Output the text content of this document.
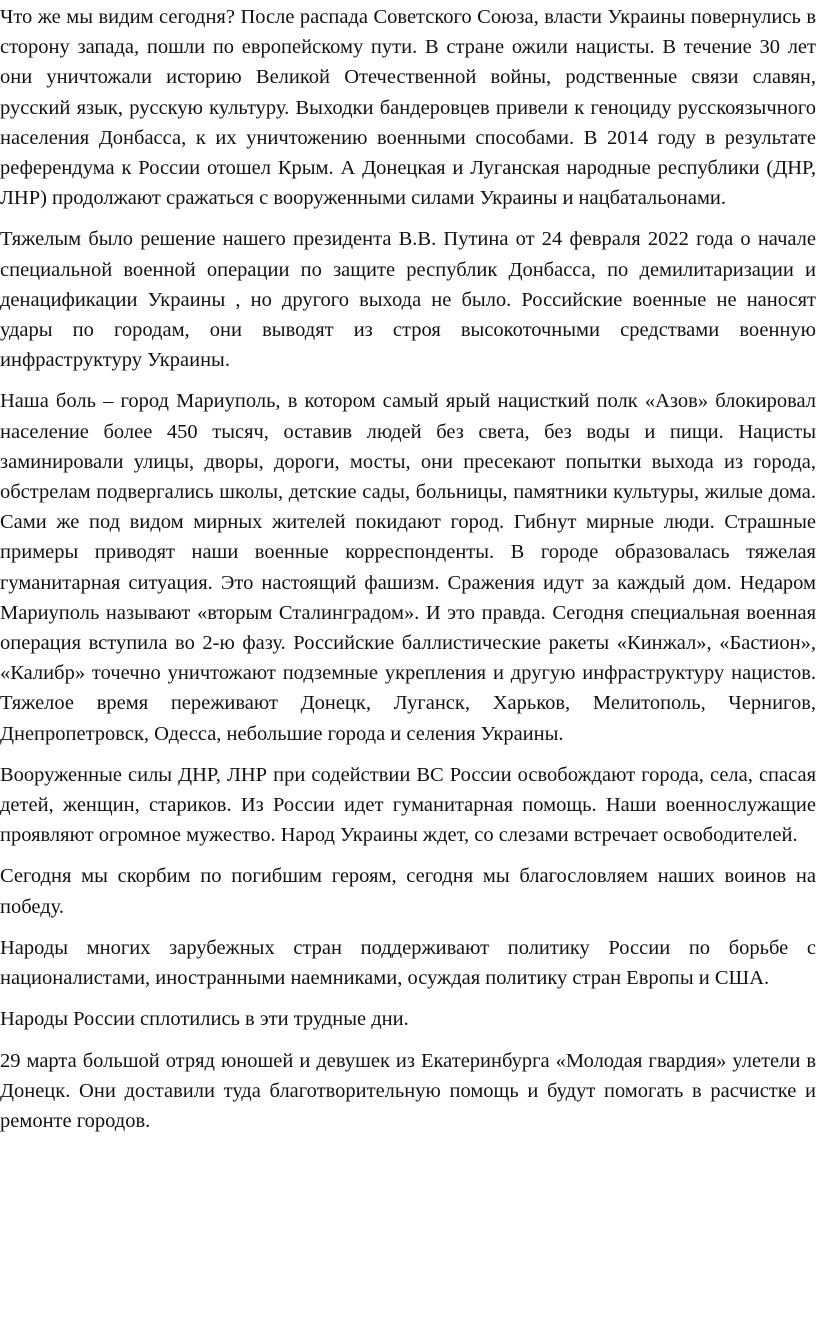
Что же мы видим сегодня? После распада Советского Союза, власти Украины повернулись в сторону запада, пошли по европейскому пути. В стране ожили нацисты. В течение 30 лет они уничтожали историю Великой Отечественной войны, родственные связи славян, русский язык, русскую культуру. Выходки бандеровцев привели к геноциду русскоязычного населения Донбасса, к их уничтожению военными способами. В 2014 году в результате референдума к России отошел Крым. А Донецкая и Луганская народные республики (ДНР, ЛНР) продолжают сражаться с вооруженными силами Украины и нацбатальонами.

Тяжелым было решение нашего президента В.В. Путина от 24 февраля 2022 года о начале специальной военной операции по защите республик Донбасса, по демилитаризации и денацификации Украины , но другого выхода не было. Российские военные не наносят удары по городам, они выводят из строя высокоточными средствами военную инфраструктуру Украины.

Наша боль – город Мариуполь, в котором самый ярый нацисткий полк «Азов» блокировал население более 450 тысяч, оставив людей без света, без воды и пищи. Нацисты заминировали улицы, дворы, дороги, мосты, они пресекают попытки выхода из города, обстрелам подвергались школы, детские сады, больницы, памятники культуры, жилые дома. Сами же под видом мирных жителей покидают город. Гибнут мирные люди. Страшные примеры приводят наши военные корреспонденты. В городе образовалась тяжелая гуманитарная ситуация. Это настоящий фашизм. Сражения идут за каждый дом. Недаром Мариуполь называют «вторым Сталинградом». И это правда. Сегодня специальная военная операция вступила во 2-ю фазу. Российские баллистические ракеты «Кинжал», «Бастион», «Калибр» точечно уничтожают подземные укрепления и другую инфраструктуру нацистов. Тяжелое время переживают Донецк, Луганск, Харьков, Мелитополь, Чернигов, Днепропетровск, Одесса, небольшие города и селения Украины.

Вооруженные силы ДНР, ЛНР при содействии ВС России освобождают города, села, спасая детей, женщин, стариков. Из России идет гуманитарная помощь. Наши военнослужащие проявляют огромное мужество. Народ Украины ждет, со слезами встречает освободителей.

Сегодня мы скорбим по погибшим героям, сегодня мы благословляем наших воинов на победу.

Народы многих зарубежных стран поддерживают политику России по борьбе с националистами, иностранными наемниками, осуждая политику стран Европы и США.

Народы России сплотились в эти трудные дни.

29 марта большой отряд юношей и девушек из Екатеринбурга «Молодая гвардия» улетели в Донецк. Они доставили туда благотворительную помощь и будут помогать в расчистке и ремонте городов.
